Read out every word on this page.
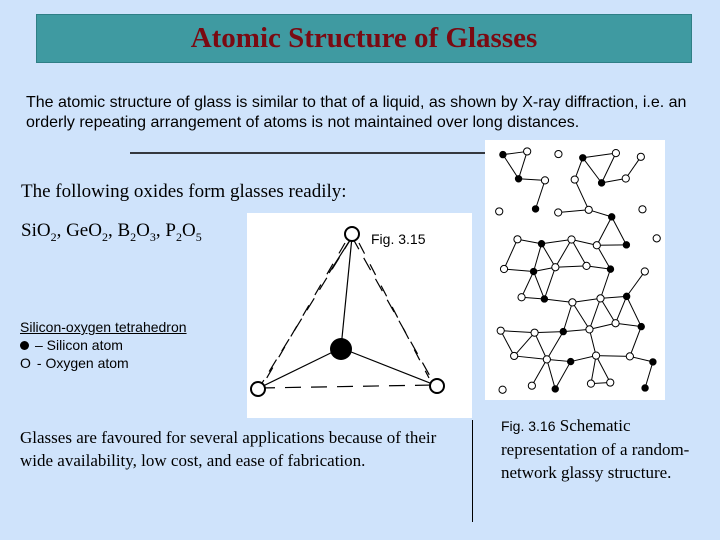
Atomic Structure of Glasses
The atomic structure of glass is similar to that of a liquid, as shown by X-ray diffraction, i.e. an orderly repeating arrangement of atoms is not maintained over long distances.
The following oxides form glasses readily:
SiO$_2$, GeO$_2$, $B_2O_3$, $P_2O_5$	Fig. 3.15
Silicon-oxygen tetrahedron
– Silicon atom
O - Oxygen atom
Glasses are favoured for several applications because of their wide availability, low cost, and ease of fabrication.
Fig. 3.16 Schematic representation of a random-network glassy structure.
